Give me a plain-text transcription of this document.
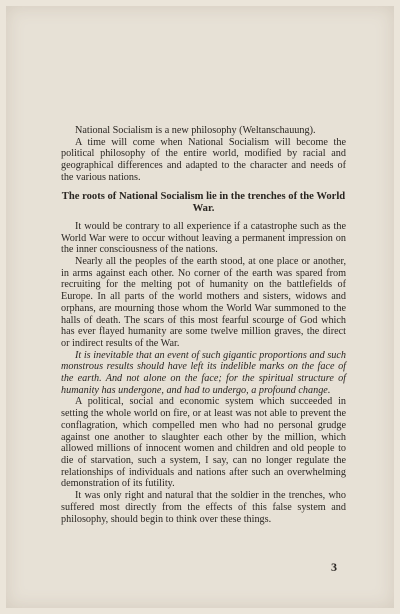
National Socialism is a new philosophy (Weltanschauung).

A time will come when National Socialism will become the political philosophy of the entire world, modified by racial and geographical differences and adapted to the character and needs of the various nations.

The roots of National Socialism lie in the trenches of the World War.

It would be contrary to all experience if a catastrophe such as the World War were to occur without leaving a permanent impression on the inner consciousness of the nations.

Nearly all the peoples of the earth stood, at one place or another, in arms against each other. No corner of the earth was spared from recruiting for the melting pot of humanity on the battlefields of Europe. In all parts of the world mothers and sisters, widows and orphans, are mourning those whom the World War summoned to the halls of death. The scars of this most fearful scourge of God which has ever flayed humanity are some twelve million graves, the direct or indirect results of the War.

It is inevitable that an event of such gigantic proportions and such monstrous results should have left its indelible marks on the face of the earth. And not alone on the face; for the spiritual structure of humanity has undergone, and had to undergo, a profound change.

A political, social and economic system which succeeded in setting the whole world on fire, or at least was not able to prevent the conflagration, which compelled men who had no personal grudge against one another to slaughter each other by the million, which allowed millions of innocent women and children and old people to die of starvation, such a system, I say, can no longer regulate the relationships of individuals and nations after such an overwhelming demonstration of its futility.

It was only right and natural that the soldier in the trenches, who suffered most directly from the effects of this false system and philosophy, should begin to think over these things.

3
